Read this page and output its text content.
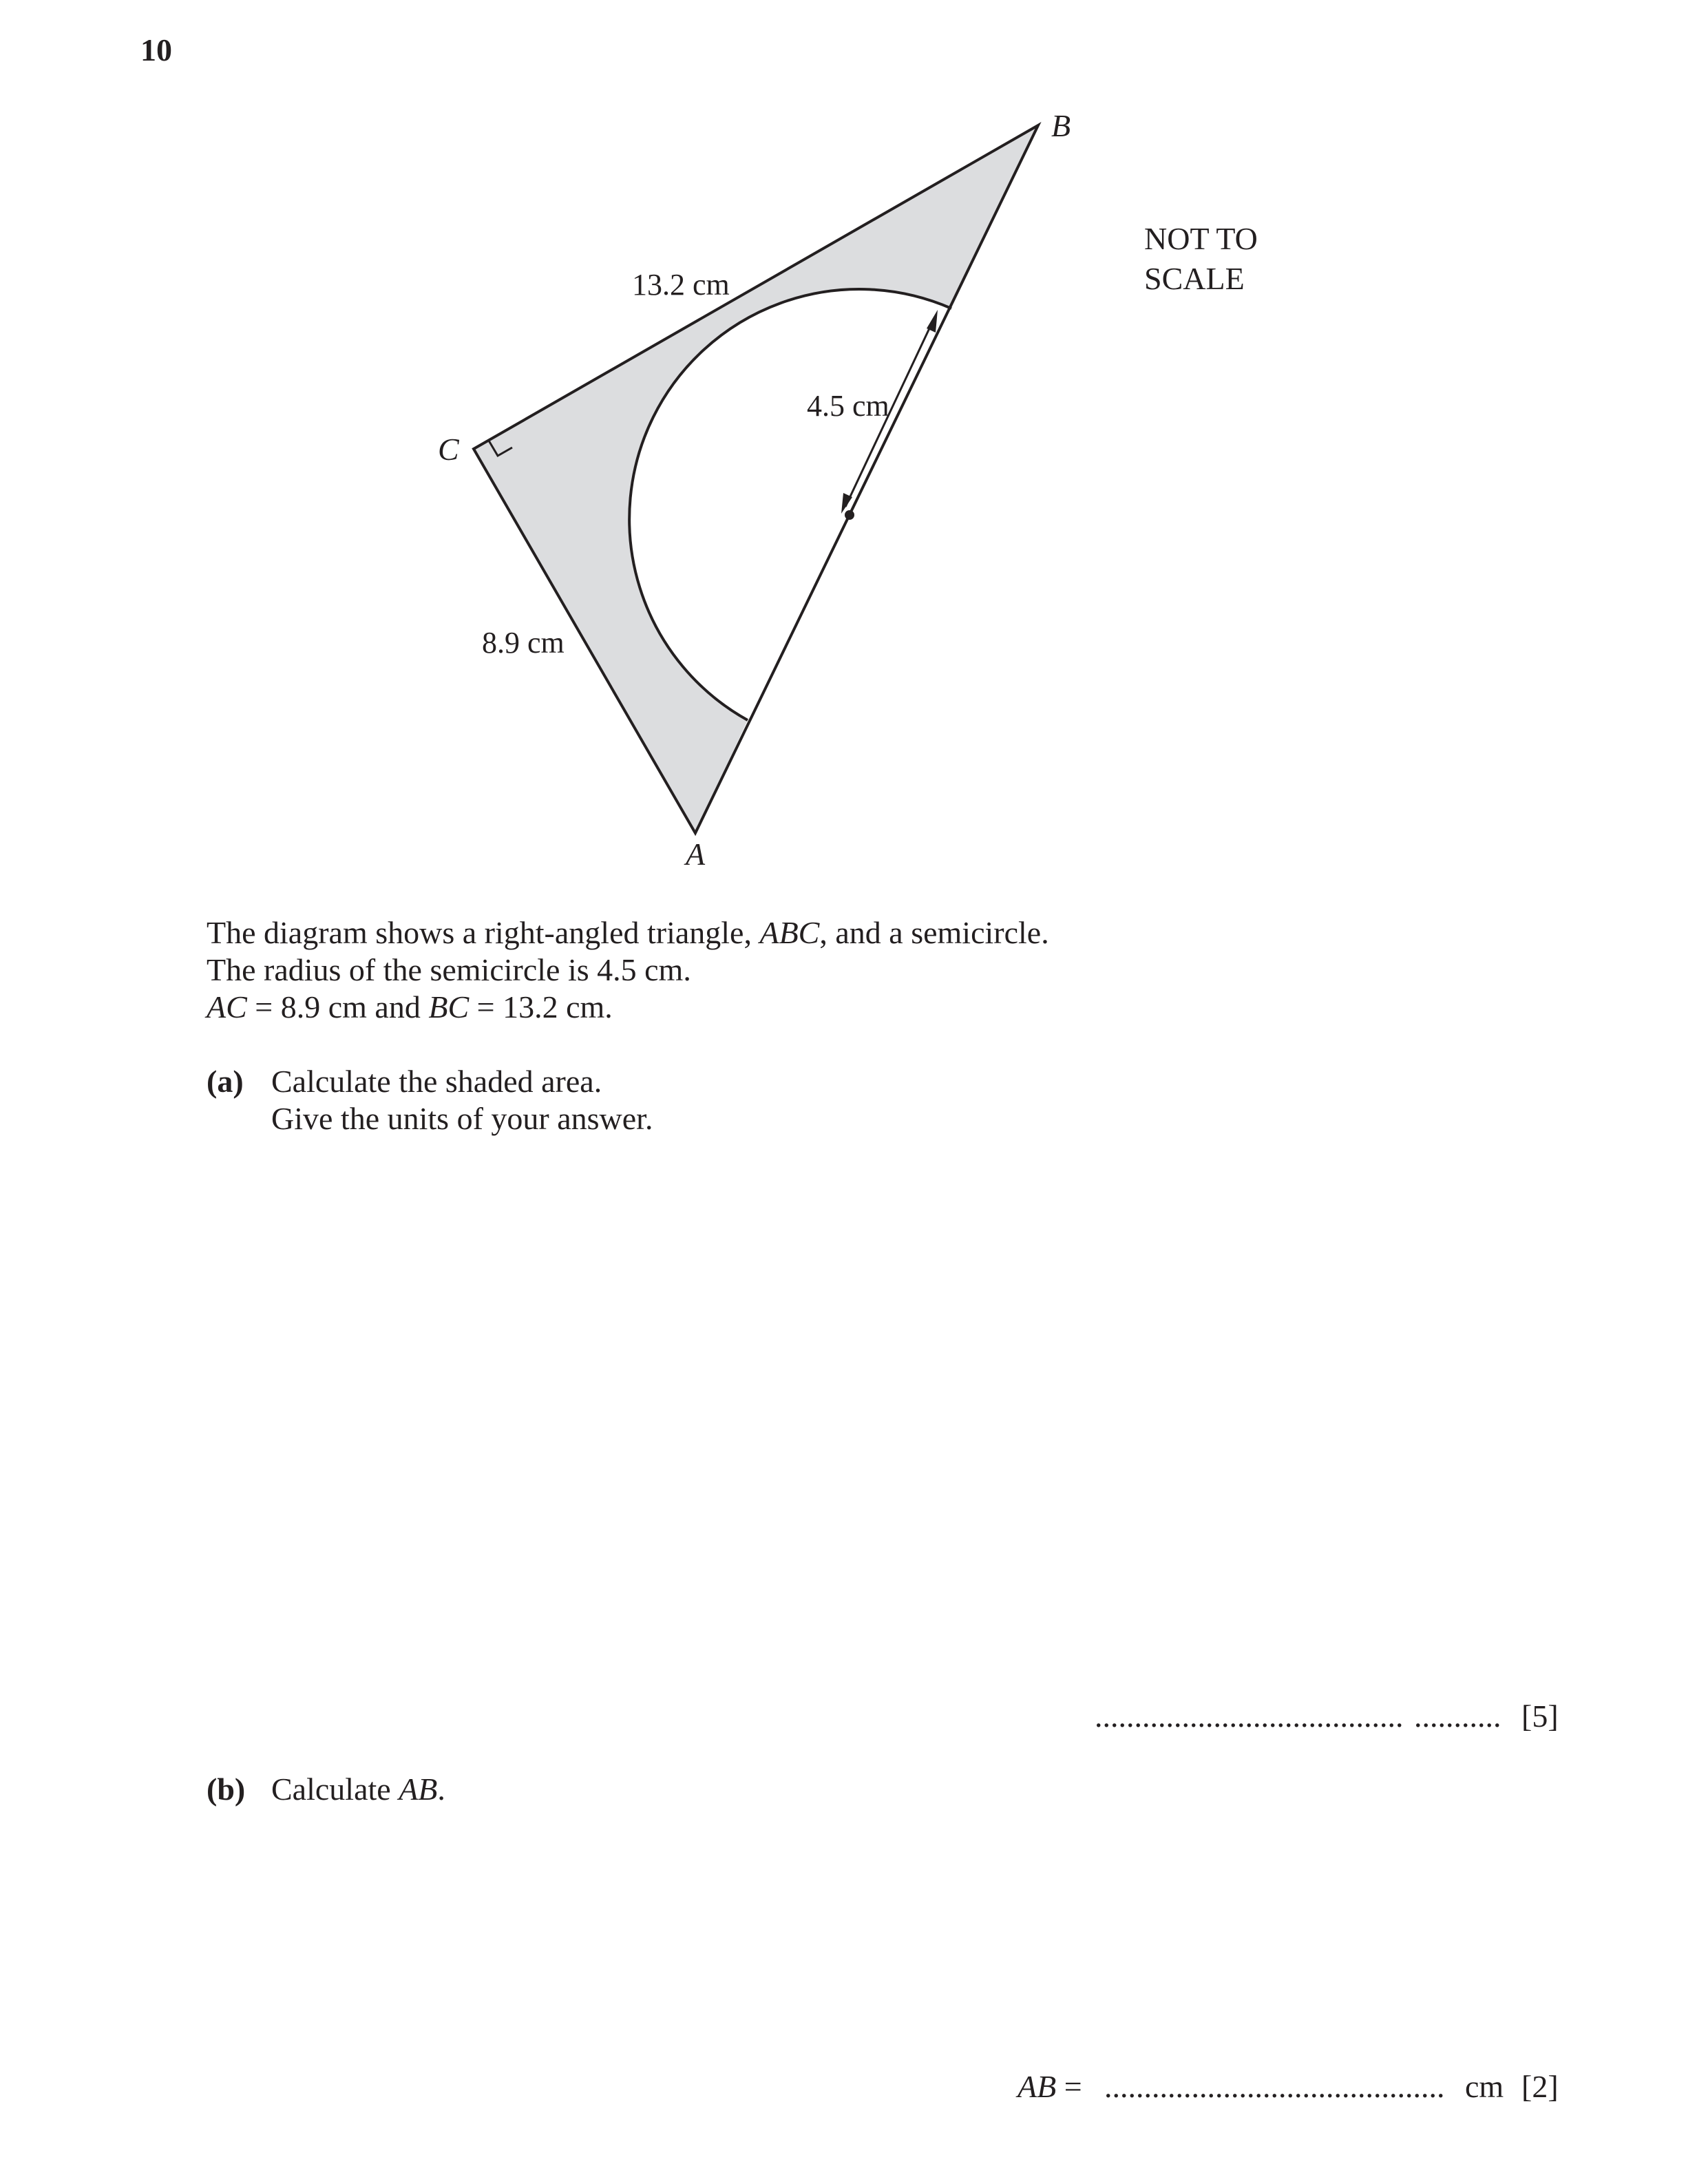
10
B
C
A
13.2 cm
4.5 cm
8.9 cm
NOT TO
SCALE
The diagram shows a right-angled triangle, ABC, and a semicircle.
The radius of the semicircle is 4.5 cm.
AC = 8.9 cm and BC = 13.2 cm.
(a) Calculate the shaded area.
Give the units of your answer.
....................................... ........... [5]
(b) Calculate AB.
AB = ........................................... cm [2]
